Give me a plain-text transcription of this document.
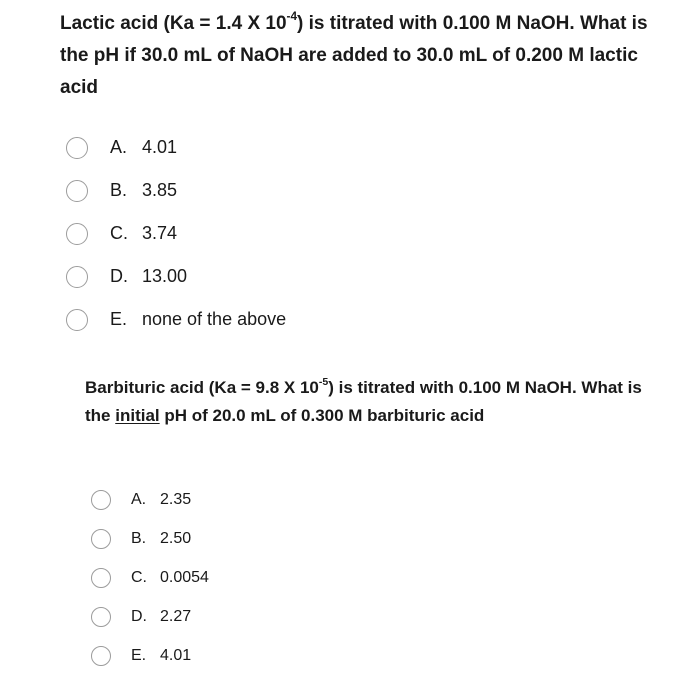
Lactic acid (Ka = 1.4 X $10^{-4}$) is titrated with 0.100 M NaOH. What is the pH if 30.0 mL of NaOH are added to 30.0 mL of 0.200 M lactic acid
A. 4.01
B. 3.85
C. 3.74
D. 13.00
E. none of the above
Barbituric acid (Ka = 9.8 X $10^{-5}$) is titrated with 0.100 M NaOH. What is the initial pH of 20.0 mL of 0.300 M barbituric acid
A. 2.35
B. 2.50
C. 0.0054
D. 2.27
E. 4.01
